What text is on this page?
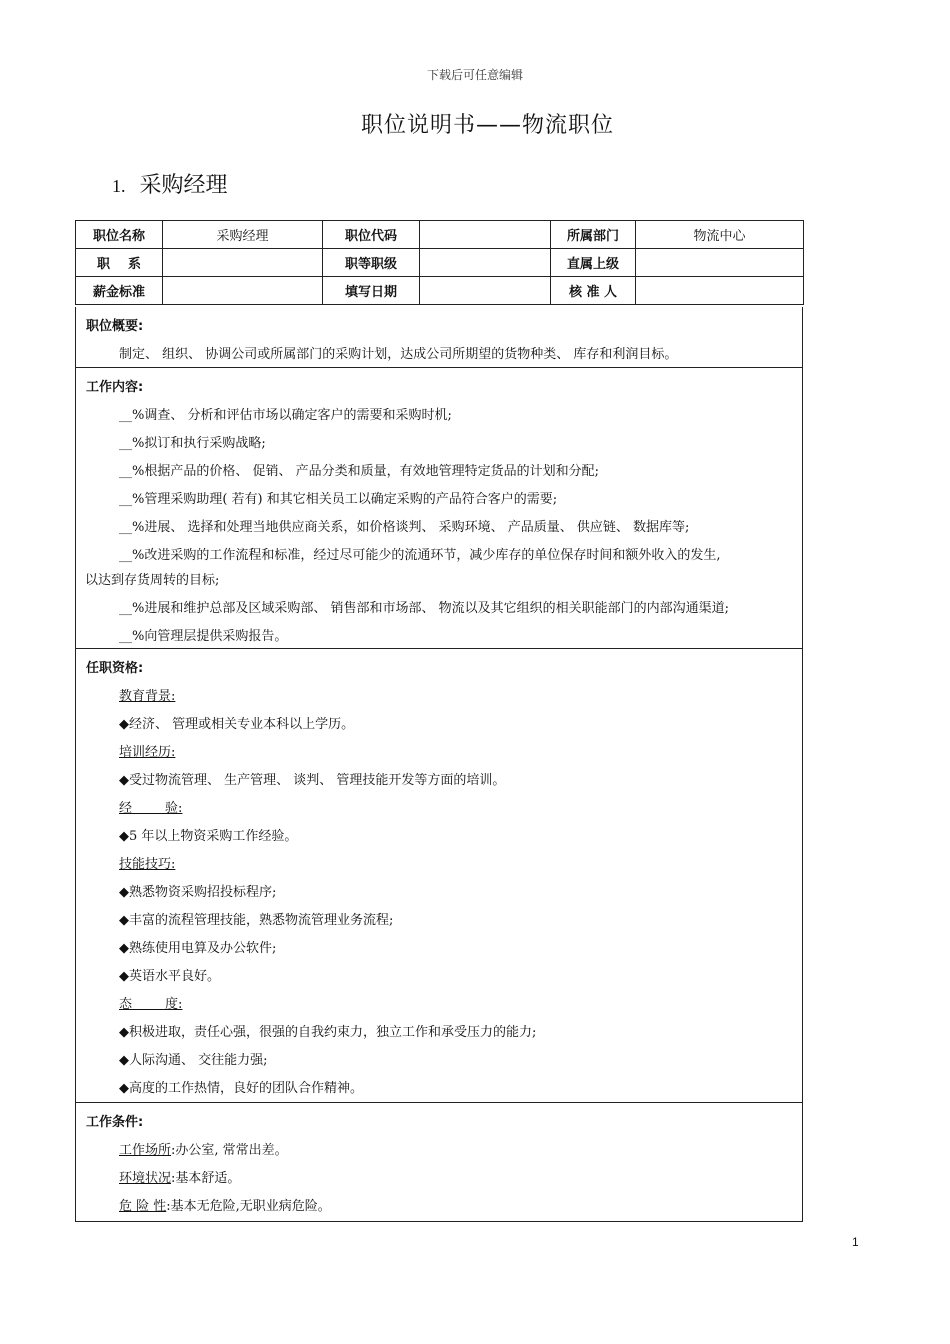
下载后可任意编辑
职位说明书——物流职位
1. 采购经理
职位名称	采购经理	职位代码		所属部门	物流中心
职    系		职等职级		直属上级	
薪金标准		填写日期		核 准 人	
职位概要:
制定、 组织、 协调公司或所属部门的采购计划，达成公司所期望的货物种类、 库存和利润目标。
工作内容:
__%调查、 分析和评估市场以确定客户的需要和采购时机;
__%拟订和执行采购战略;
__%根据产品的价格、 促销、 产品分类和质量，有效地管理特定货品的计划和分配;
__%管理采购助理( 若有) 和其它相关员工以确定采购的产品符合客户的需要;
__%进展、 选择和处理当地供应商关系，如价格谈判、 采购环境、 产品质量、 供应链、 数据库等;
__%改进采购的工作流程和标准，经过尽可能少的流通环节，减少库存的单位保存时间和额外收入的发生,
以达到存货周转的目标;
__%进展和维护总部及区域采购部、 销售部和市场部、 物流以及其它组织的相关职能部门的内部沟通渠道;
__%向管理层提供采购报告。
任职资格:
教育背景:
◆经济、 管理或相关专业本科以上学历。
培训经历:
◆受过物流管理、 生产管理、 谈判、 管理技能开发等方面的培训。
经        验:
◆5 年以上物资采购工作经验。
技能技巧:
◆熟悉物资采购招投标程序;
◆丰富的流程管理技能，熟悉物流管理业务流程;
◆熟练使用电算及办公软件;
◆英语水平良好。
态        度:
◆积极进取，责任心强，很强的自我约束力，独立工作和承受压力的能力;
◆人际沟通、 交往能力强;
◆高度的工作热情，良好的团队合作精神。
工作条件:
工作场所:办公室, 常常出差。
环境状况:基本舒适。
危 险 性:基本无危险,无职业病危险。
1
